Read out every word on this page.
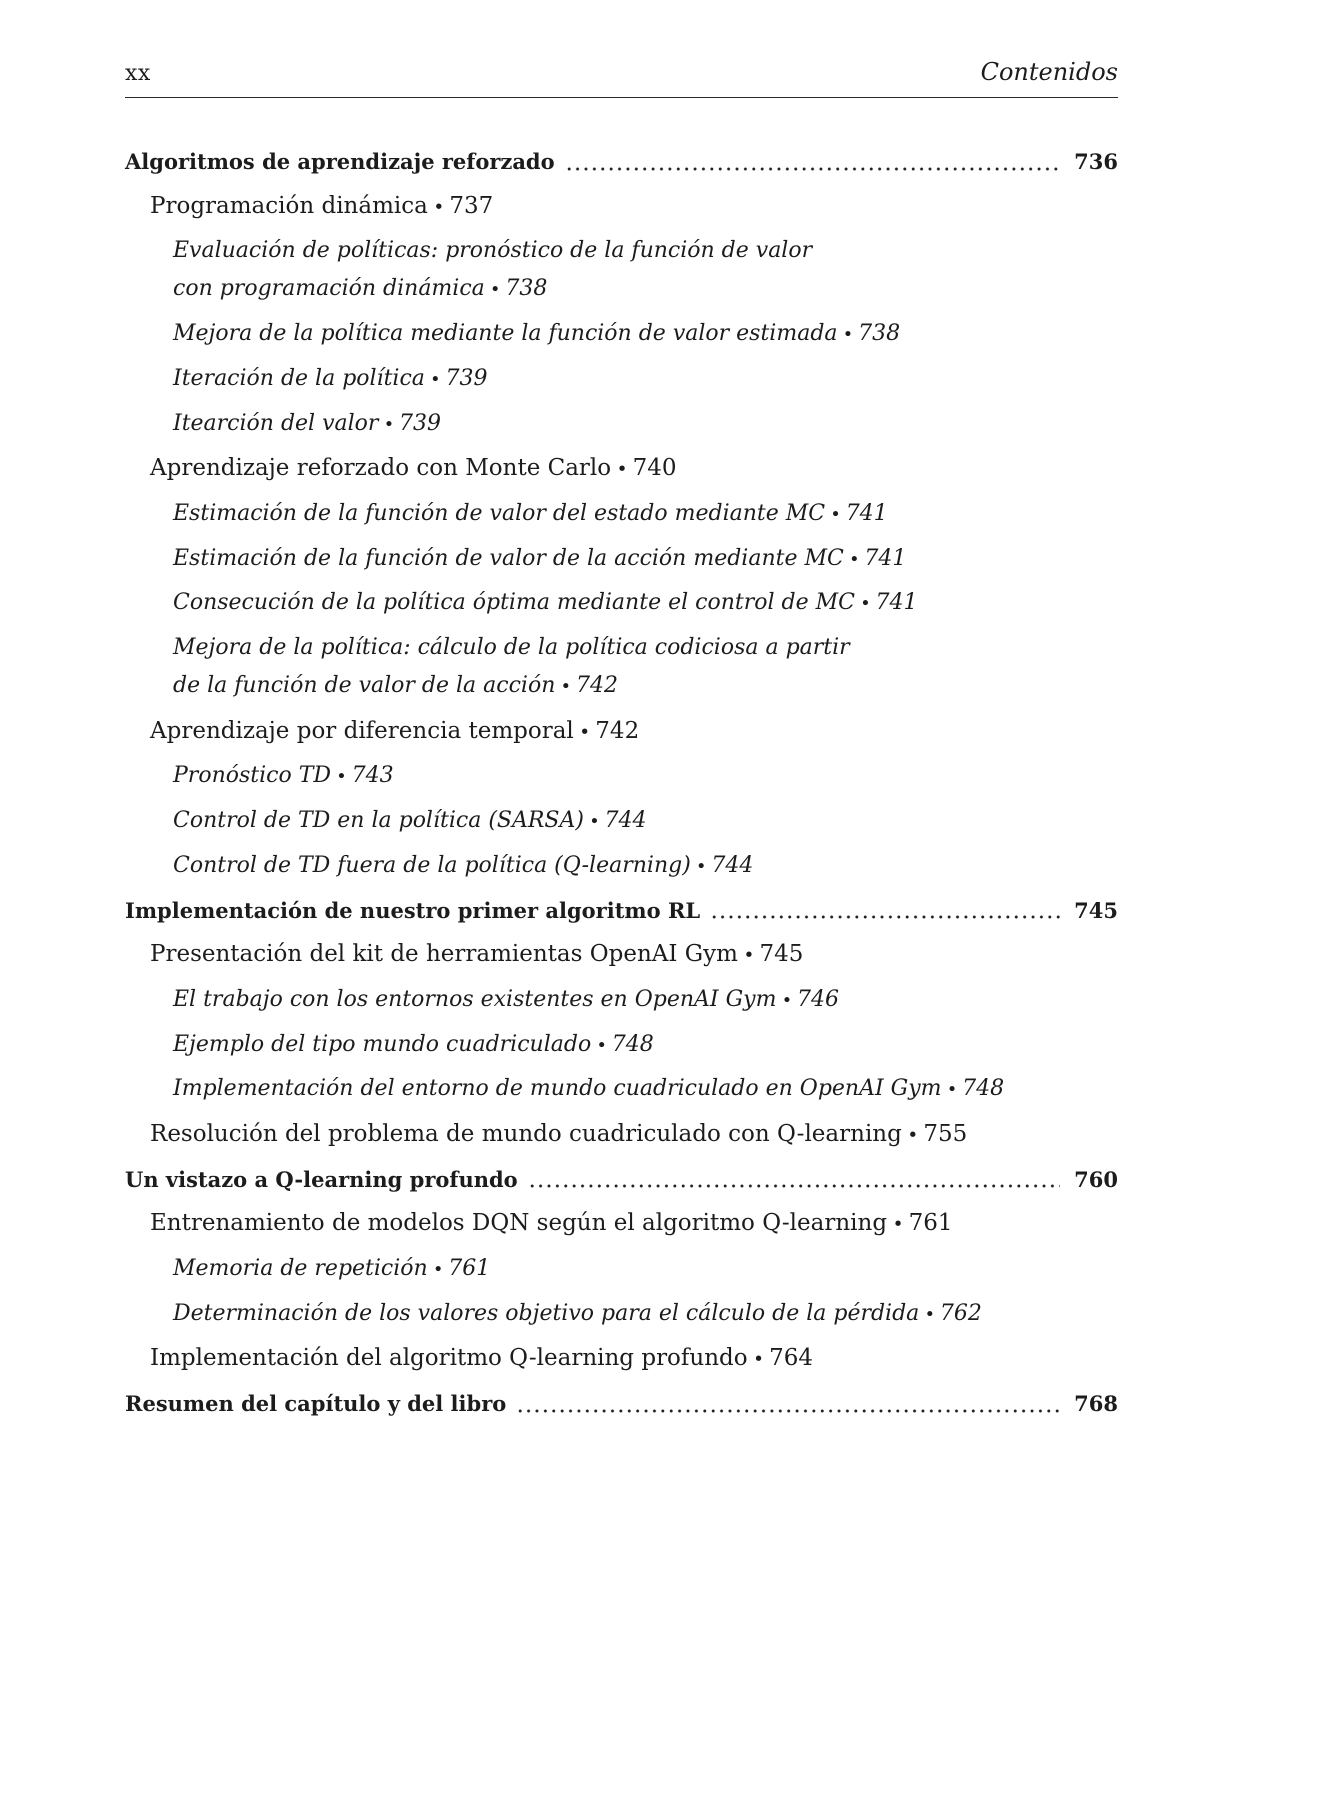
xx	Contenidos
Algoritmos de aprendizaje reforzado	736
Programación dinámica • 737
Evaluación de políticas: pronóstico de la función de valor
con programación dinámica • 738
Mejora de la política mediante la función de valor estimada • 738
Iteración de la política • 739
Itearción del valor • 739
Aprendizaje reforzado con Monte Carlo • 740
Estimación de la función de valor del estado mediante MC • 741
Estimación de la función de valor de la acción mediante MC • 741
Consecución de la política óptima mediante el control de MC • 741
Mejora de la política: cálculo de la política codiciosa a partir
de la función de valor de la acción • 742
Aprendizaje por diferencia temporal • 742
Pronóstico TD • 743
Control de TD en la política (SARSA) • 744
Control de TD fuera de la política (Q-learning) • 744
Implementación de nuestro primer algoritmo RL	745
Presentación del kit de herramientas OpenAI Gym • 745
El trabajo con los entornos existentes en OpenAI Gym • 746
Ejemplo del tipo mundo cuadriculado • 748
Implementación del entorno de mundo cuadriculado en OpenAI Gym • 748
Resolución del problema de mundo cuadriculado con Q-learning • 755
Un vistazo a Q-learning profundo	760
Entrenamiento de modelos DQN según el algoritmo Q-learning • 761
Memoria de repetición • 761
Determinación de los valores objetivo para el cálculo de la pérdida • 762
Implementación del algoritmo Q-learning profundo • 764
Resumen del capítulo y del libro	768
